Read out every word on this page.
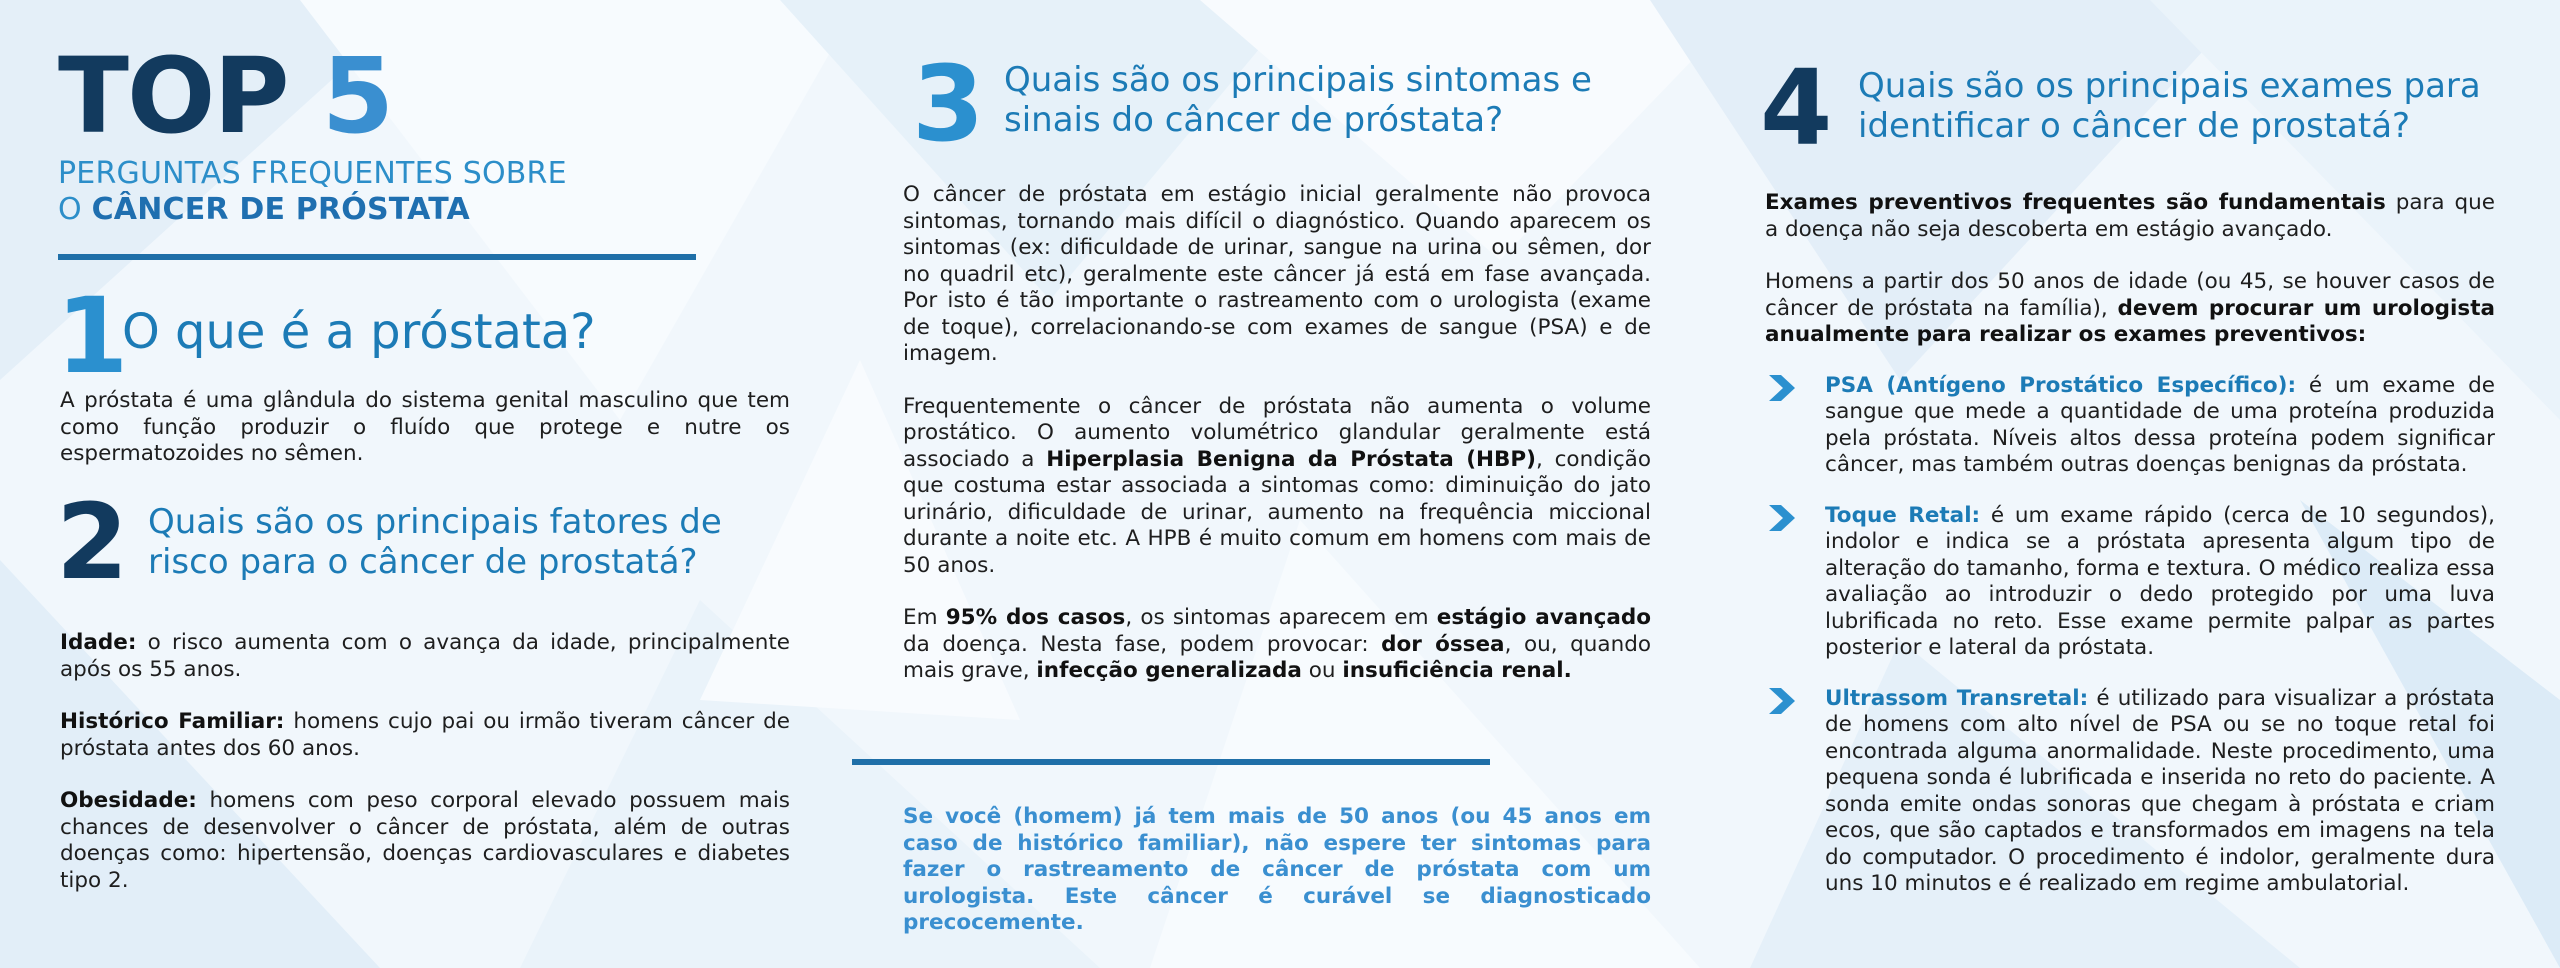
TOP 5
PERGUNTAS FREQUENTES SOBRE
O CÂNCER DE PRÓSTATA
1
O que é a próstata?

A próstata é uma glândula do sistema genital masculino que tem como função produzir o fluído que protege e nutre os espermatozoides no sêmen.

2 Quais são os principais fatores de risco para o câncer de prostatá?

Idade: o risco aumenta com o avança da idade, principalmente após os 55 anos.

Histórico Familiar: homens cujo pai ou irmão tiveram câncer de próstata antes dos 60 anos.

Obesidade: homens com peso corporal elevado possuem mais chances de desenvolver o câncer de próstata, além de outras doenças como: hipertensão, doenças cardiovasculares e diabetes tipo 2.

3 Quais são os principais sintomas e sinais do câncer de próstata?

O câncer de próstata em estágio inicial geralmente não provoca sintomas, tornando mais difícil o diagnóstico. Quando aparecem os sintomas (ex: dificuldade de urinar, sangue na urina ou sêmen, dor no quadril etc), geralmente este câncer já está em fase avançada. Por isto é tão importante o rastreamento com o urologista (exame de toque), correlacionando-se com exames de sangue (PSA) e de imagem.

Frequentemente o câncer de próstata não aumenta o volume prostático. O aumento volumétrico glandular geralmente está associado a Hiperplasia Benigna da Próstata (HBP), condição que costuma estar associada a sintomas como: diminuição do jato urinário, dificuldade de urinar, aumento na frequência miccional durante a noite etc. A HPB é muito comum em homens com mais de 50 anos.

Em 95% dos casos, os sintomas aparecem em estágio avançado da doença. Nesta fase, podem provocar: dor óssea, ou, quando mais grave, infecção generalizada ou insuficiência renal.

Se você (homem) já tem mais de 50 anos (ou 45 anos em caso de histórico familiar), não espere ter sintomas para fazer o rastreamento de câncer de próstata com um urologista. Este câncer é curável se diagnosticado precocemente.

4 Quais são os principais exames para identificar o câncer de prostatá?

Exames preventivos frequentes são fundamentais para que a doença não seja descoberta em estágio avançado.

Homens a partir dos 50 anos de idade (ou 45, se houver casos de câncer de próstata na família), devem procurar um urologista anualmente para realizar os exames preventivos:

PSA (Antígeno Prostático Específico): é um exame de sangue que mede a quantidade de uma proteína produzida pela próstata. Níveis altos dessa proteína podem significar câncer, mas também outras doenças benignas da próstata.

Toque Retal: é um exame rápido (cerca de 10 segundos), indolor e indica se a próstata apresenta algum tipo de alteração do tamanho, forma e textura. O médico realiza essa avaliação ao introduzir o dedo protegido por uma luva lubrificada no reto. Esse exame permite palpar as partes posterior e lateral da próstata.

Ultrassom Transretal: é utilizado para visualizar a próstata de homens com alto nível de PSA ou se no toque retal foi encontrada alguma anormalidade. Neste procedimento, uma pequena sonda é lubrificada e inserida no reto do paciente. A sonda emite ondas sonoras que chegam à próstata e criam ecos, que são captados e transformados em imagens na tela do computador. O procedimento é indolor, geralmente dura uns 10 minutos e é realizado em regime ambulatorial.
